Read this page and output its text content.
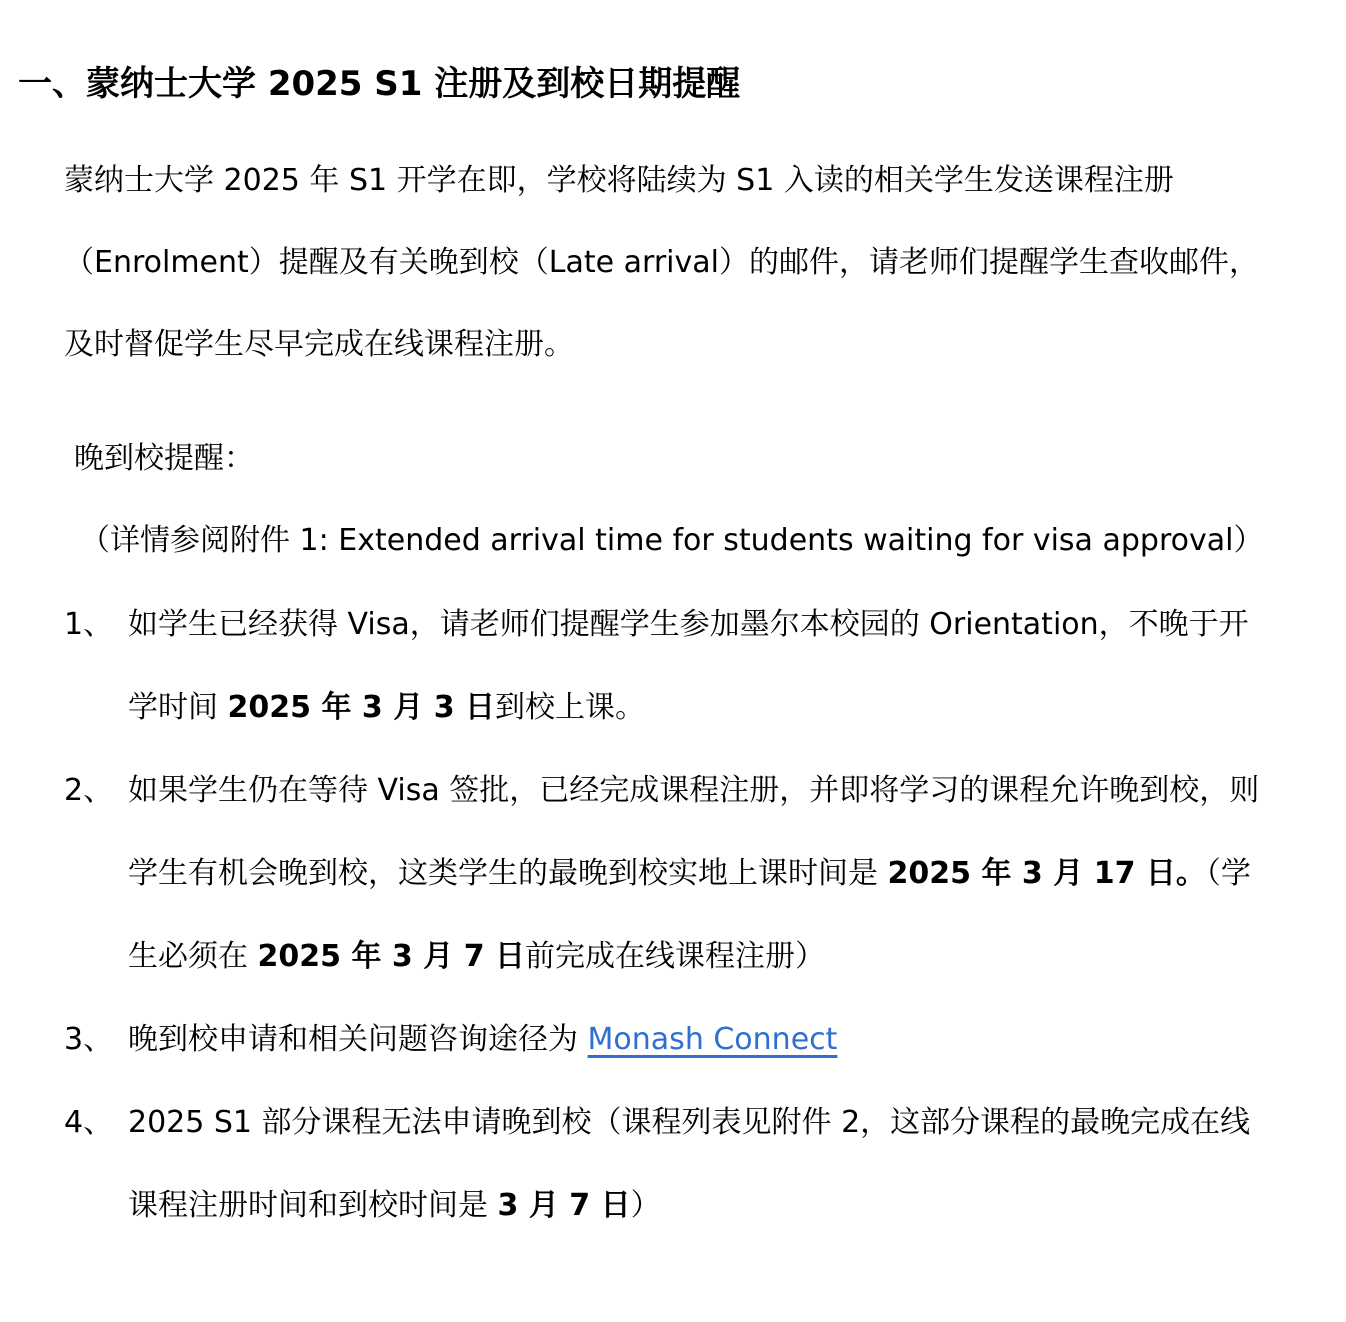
一、蒙纳士大学 2025 S1 注册及到校日期提醒

蒙纳士大学 2025 年 S1 开学在即，学校将陆续为 S1 入读的相关学生发送课程注册
（Enrolment）提醒及有关晚到校（Late arrival）的邮件，请老师们提醒学生查收邮件，
及时督促学生尽早完成在线课程注册。

晚到校提醒：

（详情参阅附件 1: Extended arrival time for students waiting for visa approval）

1、 如学生已经获得 Visa，请老师们提醒学生参加墨尔本校园的 Orientation，不晚于开
学时间 2025 年 3 月 3 日到校上课。
2、 如果学生仍在等待 Visa 签批，已经完成课程注册，并即将学习的课程允许晚到校，则
学生有机会晚到校，这类学生的最晚到校实地上课时间是 2025 年 3 月 17 日。（学
生必须在 2025 年 3 月 7 日前完成在线课程注册）
3、 晚到校申请和相关问题咨询途径为 Monash Connect
4、 2025 S1 部分课程无法申请晚到校（课程列表见附件 2，这部分课程的最晚完成在线
课程注册时间和到校时间是 3 月 7 日）
